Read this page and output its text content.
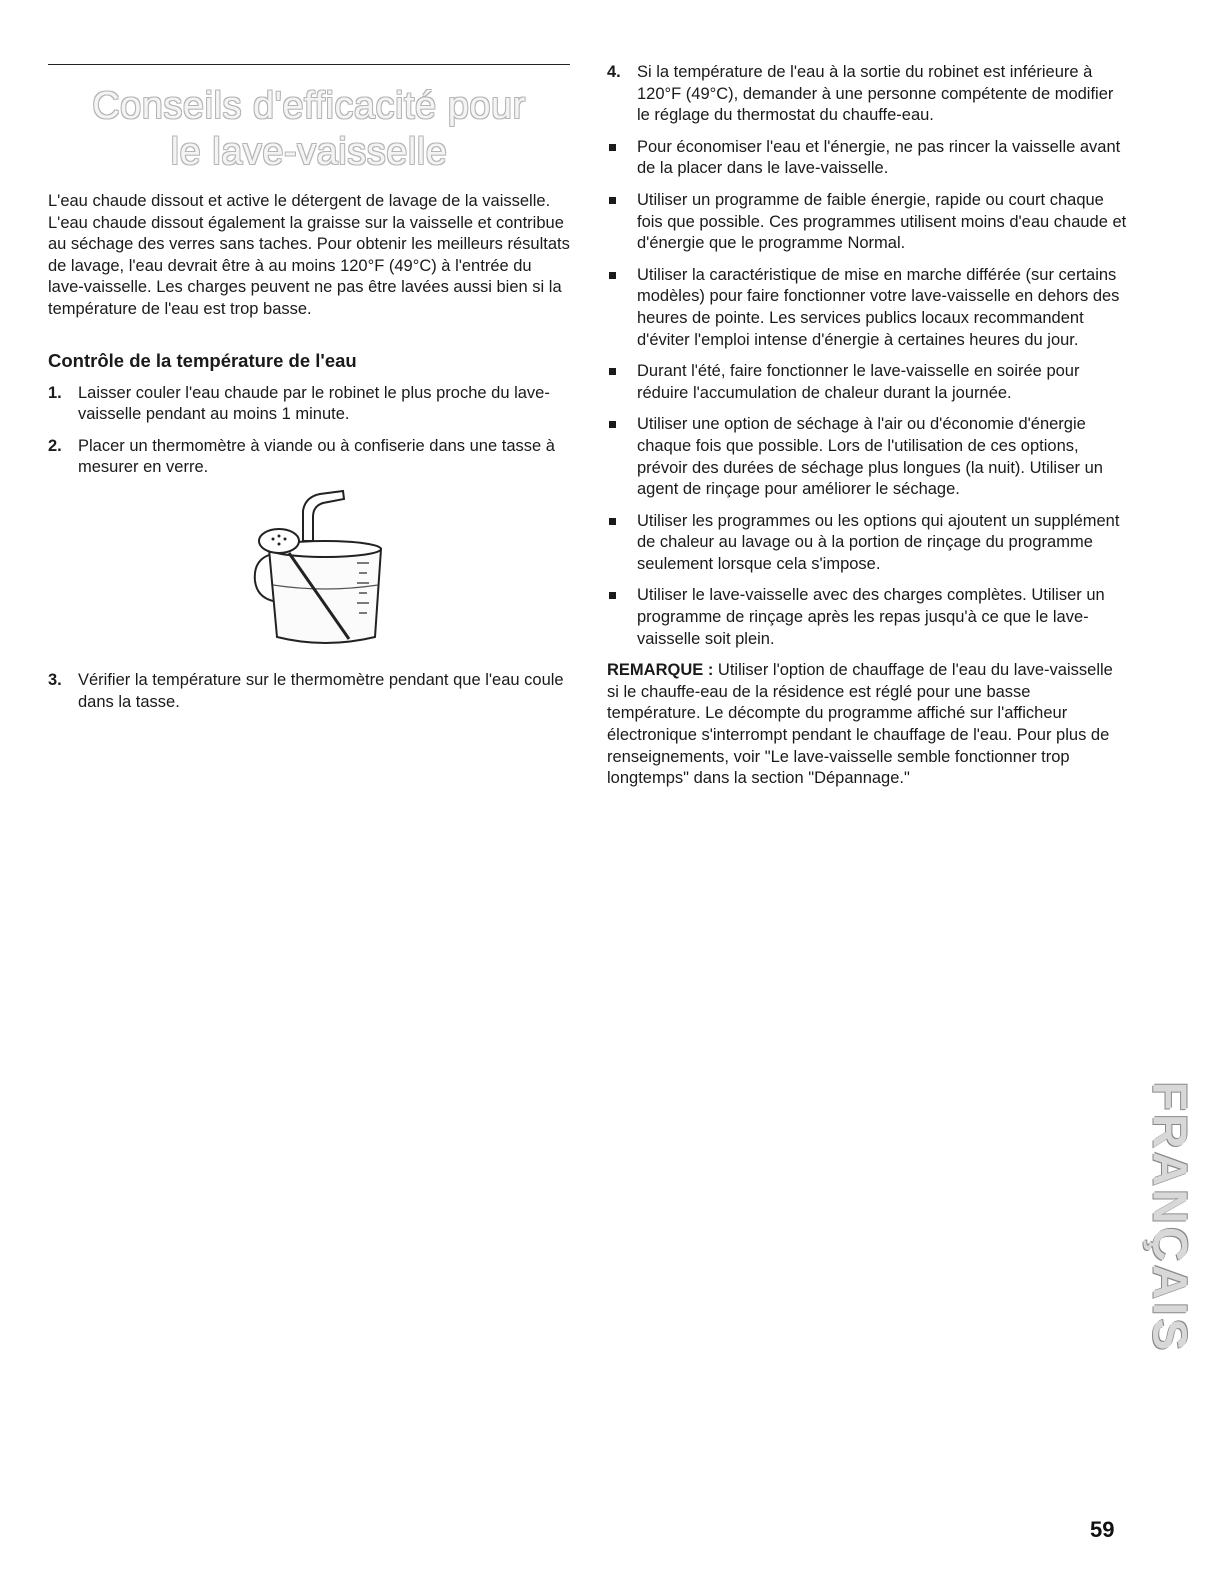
Conseils d'efficacité pour
le lave-vaisselle

L'eau chaude dissout et active le détergent de lavage de la vaisselle. L'eau chaude dissout également la graisse sur la vaisselle et contribue au séchage des verres sans taches. Pour obtenir les meilleurs résultats de lavage, l'eau devrait être à au moins 120°F (49°C) à l'entrée du lave-vaisselle. Les charges peuvent ne pas être lavées aussi bien si la température de l'eau est trop basse.

Contrôle de la température de l'eau
1. Laisser couler l'eau chaude par le robinet le plus proche du lave-vaisselle pendant au moins 1 minute.
2. Placer un thermomètre à viande ou à confiserie dans une tasse à mesurer en verre.
3. Vérifier la température sur le thermomètre pendant que l'eau coule dans la tasse.
4. Si la température de l'eau à la sortie du robinet est inférieure à 120°F (49°C), demander à une personne compétente de modifier le réglage du thermostat du chauffe-eau.
Pour économiser l'eau et l'énergie, ne pas rincer la vaisselle avant de la placer dans le lave-vaisselle.
Utiliser un programme de faible énergie, rapide ou court chaque fois que possible. Ces programmes utilisent moins d'eau chaude et d'énergie que le programme Normal.
Utiliser la caractéristique de mise en marche différée (sur certains modèles) pour faire fonctionner votre lave-vaisselle en dehors des heures de pointe. Les services publics locaux recommandent d'éviter l'emploi intense d'énergie à certaines heures du jour.
Durant l'été, faire fonctionner le lave-vaisselle en soirée pour réduire l'accumulation de chaleur durant la journée.
Utiliser une option de séchage à l'air ou d'économie d'énergie chaque fois que possible. Lors de l'utilisation de ces options, prévoir des durées de séchage plus longues (la nuit). Utiliser un agent de rinçage pour améliorer le séchage.
Utiliser les programmes ou les options qui ajoutent un supplément de chaleur au lavage ou à la portion de rinçage du programme seulement lorsque cela s'impose.
Utiliser le lave-vaisselle avec des charges complètes. Utiliser un programme de rinçage après les repas jusqu'à ce que le lave-vaisselle soit plein.

REMARQUE : Utiliser l'option de chauffage de l'eau du lave-vaisselle si le chauffe-eau de la résidence est réglé pour une basse température. Le décompte du programme affiché sur l'afficheur électronique s'interrompt pendant le chauffage de l'eau. Pour plus de renseignements, voir "Le lave-vaisselle semble fonctionner trop longtemps" dans la section "Dépannage."

FRANÇAIS
59
